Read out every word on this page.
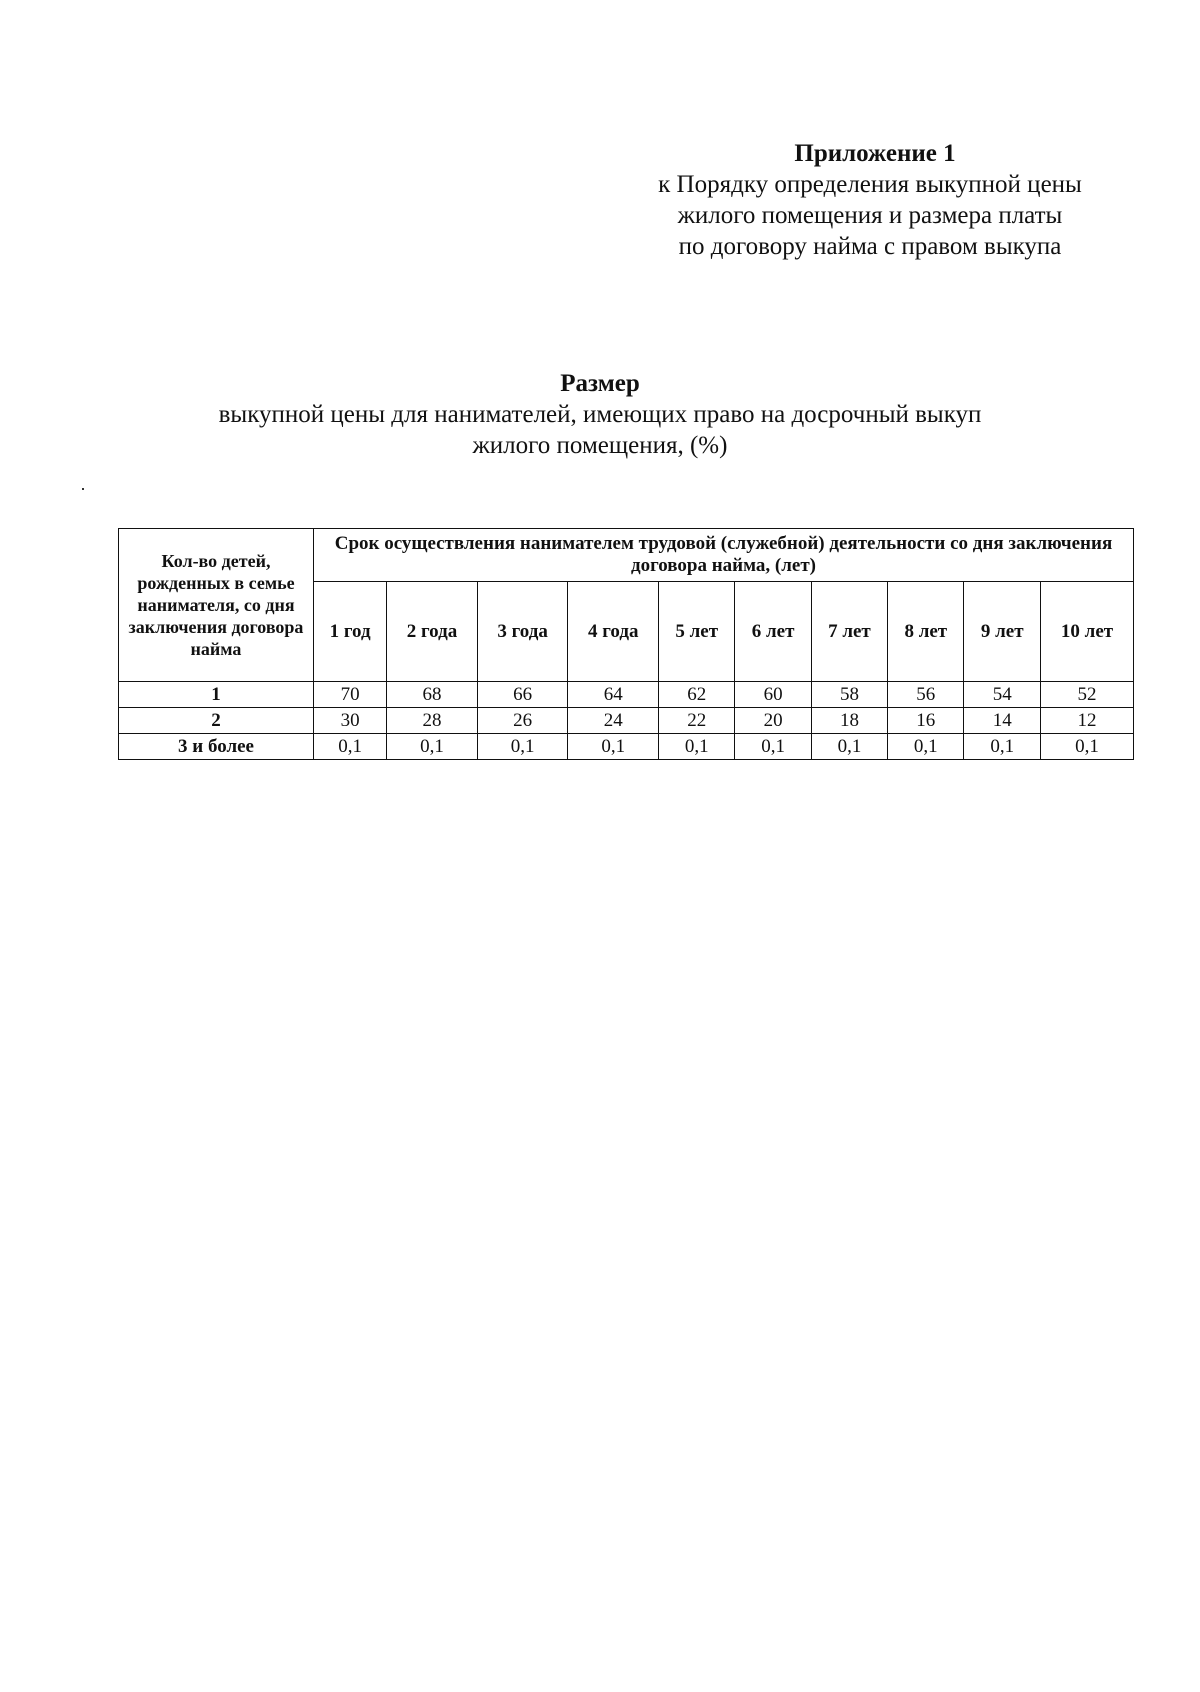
Приложение 1
к Порядку определения выкупной цены
жилого помещения и размера платы
по договору найма с правом выкупа
Размер
выкупной цены для нанимателей, имеющих право на досрочный выкуп
жилого помещения, (%)
Кол-во детей, рожденных в семье нанимателя, со дня заключения договора найма	Срок осуществления нанимателем трудовой (служебной) деятельности со дня заключения договора найма, (лет)									
	1 год	2 года	3 года	4 года	5 лет	6 лет	7 лет	8 лет	9 лет	10 лет
1	70	68	66	64	62	60	58	56	54	52
2	30	28	26	24	22	20	18	16	14	12
3 и более	0,1	0,1	0,1	0,1	0,1	0,1	0,1	0,1	0,1	0,1
